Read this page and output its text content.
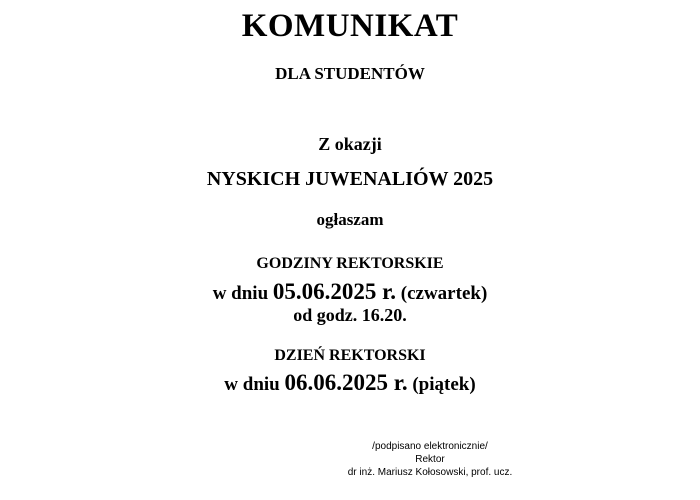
KOMUNIKAT
DLA STUDENTÓW
Z okazji
NYSKICH JUWENALIÓW 2025
ogłaszam
GODZINY REKTORSKIE
w dniu 05.06.2025 r. (czwartek)
od godz. 16.20.
DZIEŃ REKTORSKI
w dniu 06.06.2025 r. (piątek)
/podpisano elektronicznie/
Rektor
dr inż. Mariusz Kołosowski, prof. ucz.
